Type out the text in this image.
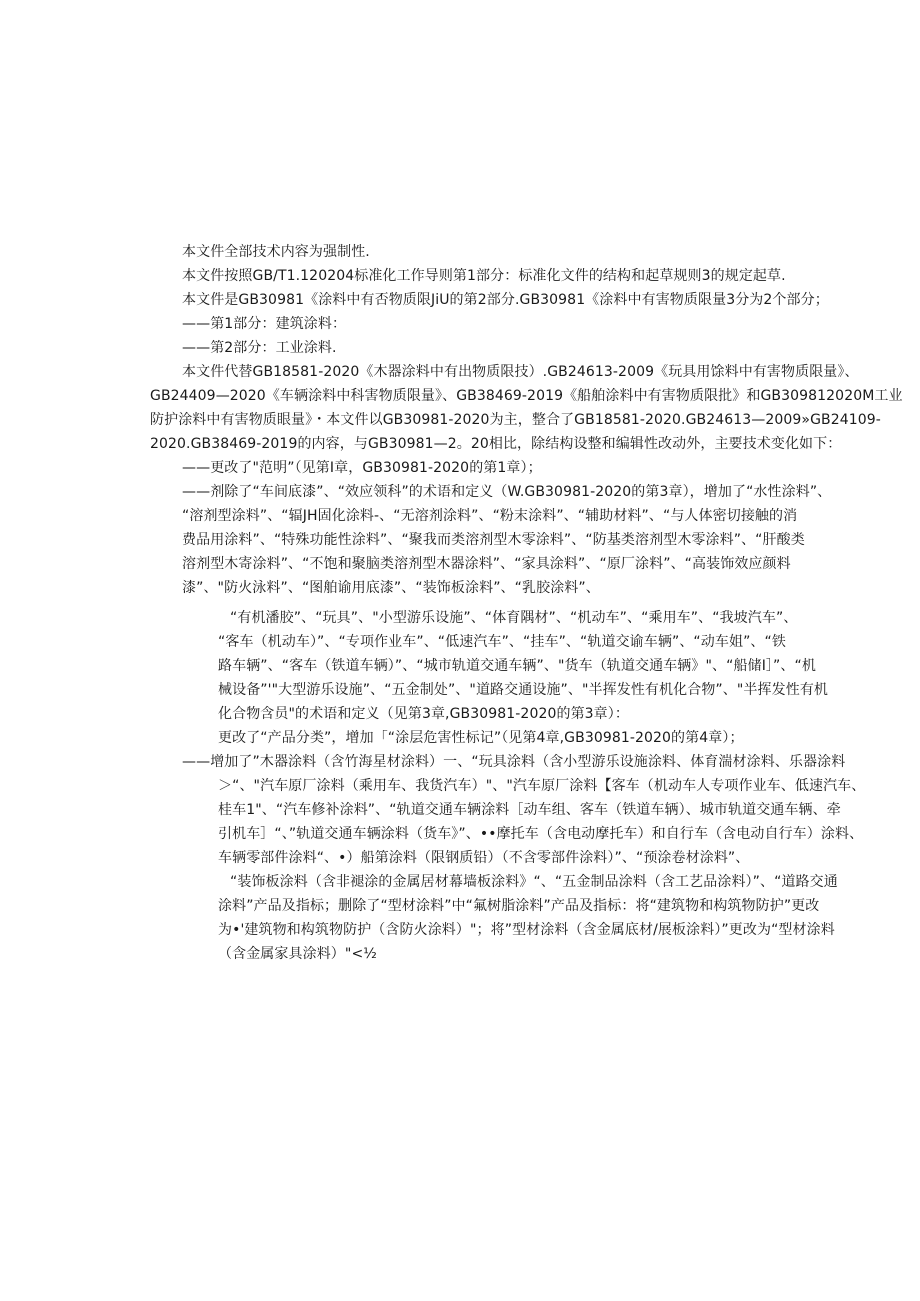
本文件全部技术内容为强制性.
本文件按照GB/T1.120204标准化工作导则第1部分：标准化文件的结构和起草规则3的规定起草.
本文件是GB30981《涂料中有否物质限JiU的第2部分.GB30981《涂料中有害物质限量3分为2个部分；
——第1部分：建筑涂料：
——第2部分：工业涂料.
本文件代替GB18581-2020《木器涂料中有出物质限技）.GB24613-2009《玩具用馀料中有害物质限量》、
GB24409—2020《车辆涂料中科害物质限量》、GB38469-2019《船舶涂料中有害物质限批》和GB309812020M工业
防护涂料中有害物质眼量》・本文件以GB30981-2020为主，整合了GB18581-2020.GB24613—2009»GB24109-
2020.GB38469-2019的内容，与GB30981—2。20相比，除结构设整和编辑性改动外，主要技术变化如下：
——更改了"范明”（见第I章，GB30981-2020的第1章）；
——剂除了“车间底漆”、“效应领科”的术语和定义（W.GB30981-2020的第3章），增加了“水性涂料”、
“溶剂型涂料”、“辐JH固化涂料-、“无溶剂涂料”、“粉末涂料”、“辅助材料”、“与人体密切接触的消
费品用涂料”、“特殊功能性涂料”、“聚我而类溶剂型木零涂料”、“防基类溶剂型木零涂料”、“肝酸类
溶剂型木寄涂料”、“不饱和聚脑类溶剂型木器涂料”、“家具涂料”、“原厂涂料”、“高装饰效应颜料
漆”、"防火泳料”、“图舶谕用底漆”、“装饰板涂料”、“乳胶涂料”、
“有机潘胶”、“玩具”、"小型游乐设施”、“体育隅材”、“机动车”、“乘用车”、“我坡汽车”、
“客车（机动车）”、“专项作业车”、“低速汽车”、“挂车”、“轨道交谕车辆”、“动车姐”、“铁
路车辆”、“客车（铁道车辆）”、“城市轨道交通车辆”、"货车（轨道交通车辆》"、“船储I］”、“机
械设备”'"大型游乐设施”、“五金制处”、"道路交通设施”、"半挥发性有机化合物”、"半挥发性有机
化合物含员"的术语和定义（见第3章,GB30981-2020的第3章）：
更改了“产品分类”，增加「“涂层危害性标记”（见第4章,GB30981-2020的第4章）；
——增加了”木器涂料（含竹海星材涂料）一、“玩具涂料（含小型游乐设施涂料、体育湍材涂料、乐器涂料
＞“、"汽车原厂涂料（乘用车、我货汽车）"、"汽车原厂涂料【客车（机动车人专项作业车、低速汽车、
桂车1"、“汽车修补涂料”、“轨道交通车辆涂料［动车组、客车（铁道车辆）、城市轨道交通车辆、牵
引机车］“、”轨道交通车辆涂料（货车》”、••摩托车（含电动摩托车）和自行车（含电动自行车）涂料、
车辆零部件涂料“、•）船第涂料（限钢质铅）（不含零部件涂料）”、“预涂卷材涂料”、
“装饰板涂料（含非褪涂的金属居材幕墙板涂料》“、“五金制品涂料（含工艺品涂料）”、“道路交通
涂料”产品及指标；删除了“型材涂料”中“氟树脂涂料”产品及指标：将“建筑物和构筑物防护”更改
为•'建筑物和构筑物防护（含防火涂料）"；将”型材涂料（含金属底材/展板涂料）”更改为“型材涂料
（含金属家具涂料）"<½
